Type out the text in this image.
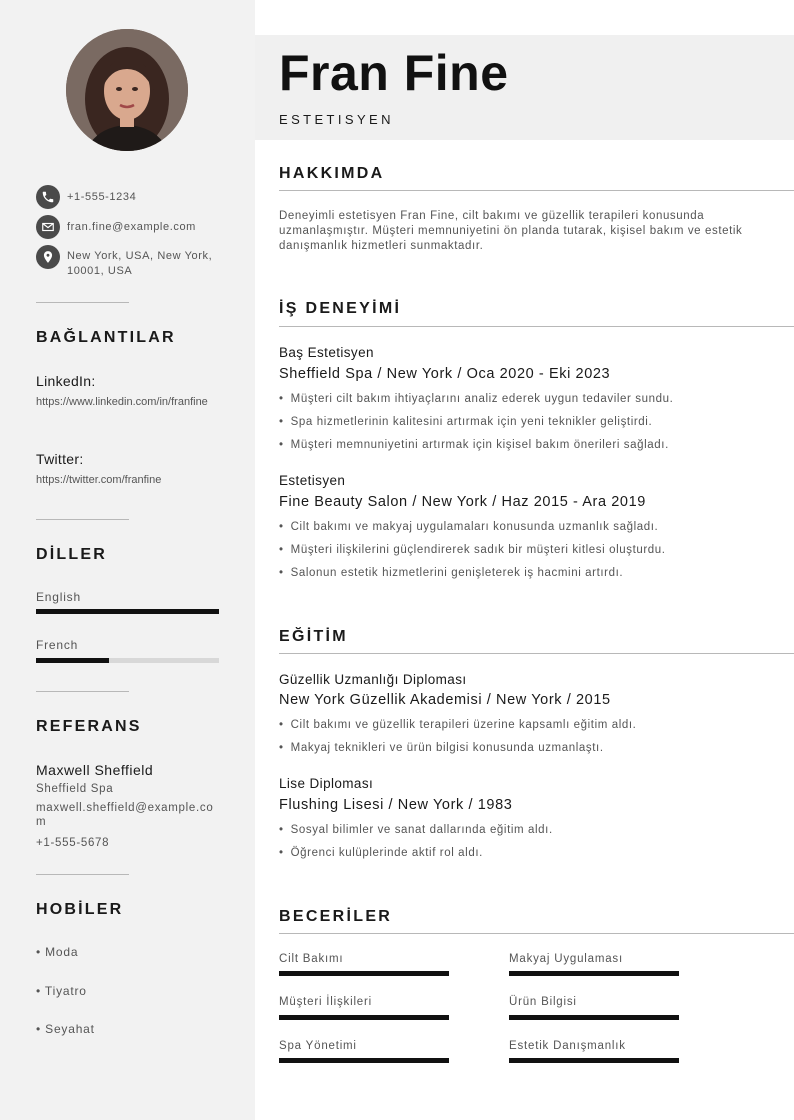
+1-555-1234
fran.fine@example.com
New York, USA, New York, 10001, USA
BAĞLANTILAR
LinkedIn:
https://www.linkedin.com/in/franfine
Twitter:
https://twitter.com/franfine
DİLLER
English
French
REFERANS
Maxwell Sheffield
Sheffield Spa
maxwell.sheffield@example.com
+1-555-5678
HOBİLER
• Moda
• Tiyatro
• Seyahat
Fran Fine
ESTETISYEN
HAKKIMDA
Deneyimli estetisyen Fran Fine, cilt bakımı ve güzellik terapileri konusunda uzmanlaşmıştır. Müşteri memnuniyetini ön planda tutarak, kişisel bakım ve estetik danışmanlık hizmetleri sunmaktadır.
İŞ DENEYİMİ
Baş Estetisyen
Sheffield Spa / New York / Oca 2020 - Eki 2023
• Müşteri cilt bakım ihtiyaçlarını analiz ederek uygun tedaviler sundu.
• Spa hizmetlerinin kalitesini artırmak için yeni teknikler geliştirdi.
• Müşteri memnuniyetini artırmak için kişisel bakım önerileri sağladı.
Estetisyen
Fine Beauty Salon / New York / Haz 2015 - Ara 2019
• Cilt bakımı ve makyaj uygulamaları konusunda uzmanlık sağladı.
• Müşteri ilişkilerini güçlendirerek sadık bir müşteri kitlesi oluşturdu.
• Salonun estetik hizmetlerini genişleterek iş hacmini artırdı.
EĞİTİM
Güzellik Uzmanlığı Diploması
New York Güzellik Akademisi / New York / 2015
• Cilt bakımı ve güzellik terapileri üzerine kapsamlı eğitim aldı.
• Makyaj teknikleri ve ürün bilgisi konusunda uzmanlaştı.
Lise Diploması
Flushing Lisesi / New York / 1983
• Sosyal bilimler ve sanat dallarında eğitim aldı.
• Öğrenci kulüplerinde aktif rol aldı.
BECERİLER
Cilt Bakımı	Makyaj Uygulaması
Müşteri İlişkileri	Ürün Bilgisi
Spa Yönetimi	Estetik Danışmanlık
